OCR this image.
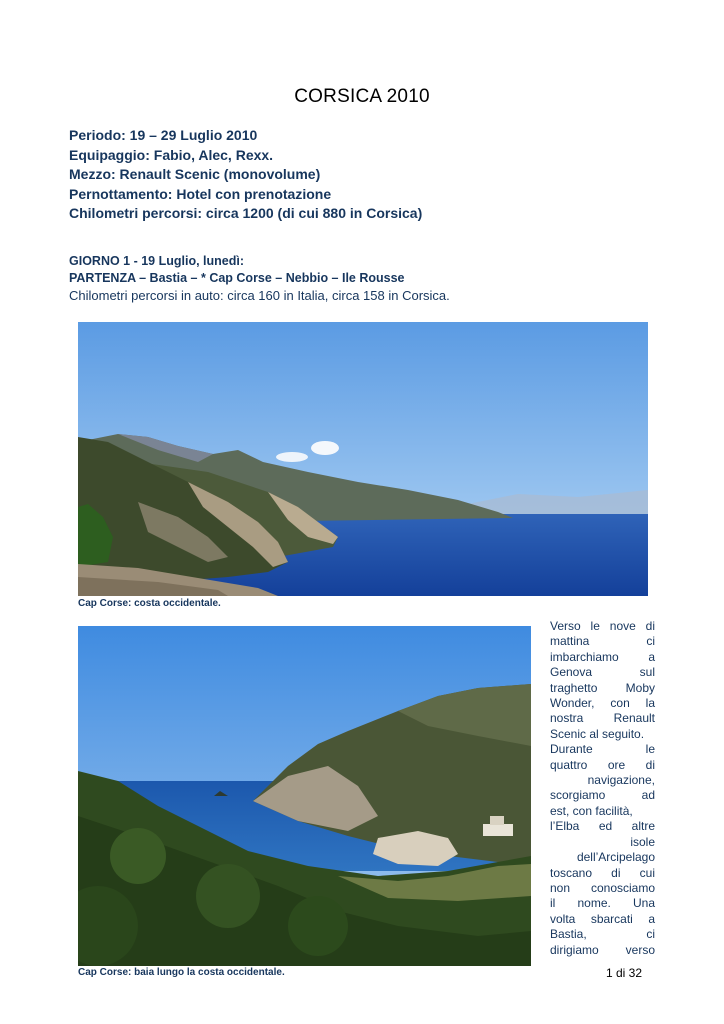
CORSICA 2010
Periodo: 19 – 29 Luglio 2010
Equipaggio: Fabio, Alec, Rexx.
Mezzo: Renault Scenic (monovolume)
Pernottamento: Hotel con prenotazione
Chilometri percorsi: circa 1200 (di cui 880 in Corsica)
GIORNO 1 - 19 Luglio, lunedì:
PARTENZA – Bastia – * Cap Corse – Nebbio – Ile Rousse
Chilometri percorsi in auto: circa 160 in Italia, circa 158 in Corsica.
Cap Corse: costa occidentale.
Cap Corse: baia lungo la costa occidentale.
Verso le nove di
mattina ci
imbarchiamo a
Genova sul
traghetto Moby
Wonder, con la
nostra Renault
Scenic al seguito.
Durante le
quattro ore di
navigazione,
scorgiamo ad
est, con facilità,
l’Elba ed altre
isole
dell’Arcipelago
toscano di cui
non conosciamo
il nome. Una
volta sbarcati a
Bastia, ci
dirigiamo verso
1 di 32
